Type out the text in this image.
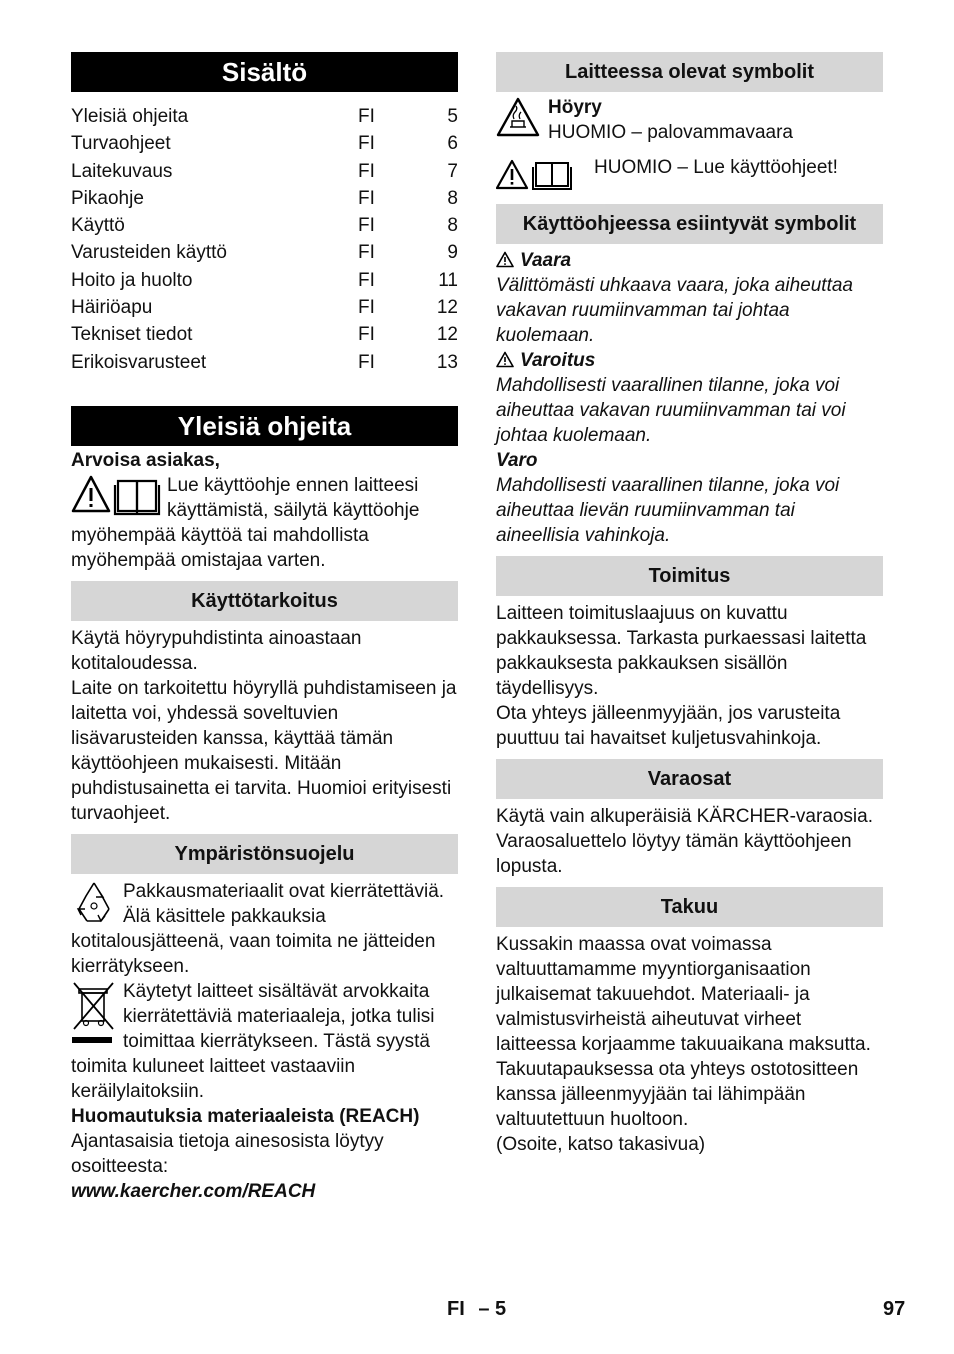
Sisältö
Yleisiä ohjeita	FI	5
Turvaohjeet	FI	6
Laitekuvaus	FI	7
Pikaohje	FI	8
Käyttö	FI	8
Varusteiden käyttö	FI	9
Hoito ja huolto	FI	11
Häiriöapu	FI	12
Tekniset tiedot	FI	12
Erikoisvarusteet	FI	13
Yleisiä ohjeita

Arvoisa asiakas,

Lue käyttöohje ennen laitteesi käyttämistä, säilytä käyttöohje myöhempää käyttöä tai mahdollista myöhempää omistajaa varten.

Käyttötarkoitus

Käytä höyrypuhdistinta ainoastaan kotitaloudessa.

Laite on tarkoitettu höyryllä puhdistamiseen ja laitetta voi, yhdessä soveltuvien lisävarusteiden kanssa, käyttää tämän käyttöohjeen mukaisesti. Mitään puhdistusainetta ei tarvita. Huomioi erityisesti turvaohjeet.

Ympäristönsuojelu

Pakkausmateriaalit ovat kierrätettäviä. Älä käsittele pakkauksia kotitalousjätteenä, vaan toimita ne jätteiden kierrätykseen.

Käytetyt laitteet sisältävät arvokkaita kierrätettäviä materiaaleja, jotka tulisi toimittaa kierrätykseen. Tästä syystä toimita kuluneet laitteet vastaaviin keräilylaitoksiin.

Huomautuksia materiaaleista (REACH)

Ajantasaisia tietoja ainesosista löytyy osoitteesta:

www.kaercher.com/REACH

Laitteessa olevat symbolit

Höyry

HUOMIO – palovammavaara

HUOMIO – Lue käyttöohjeet!

Käyttöohjeessa esiintyvät symbolit

Vaara

Välittömästi uhkaava vaara, joka aiheuttaa vakavan ruumiinvamman tai johtaa kuolemaan.

Varoitus

Mahdollisesti vaarallinen tilanne, joka voi aiheuttaa vakavan ruumiinvamman tai voi johtaa kuolemaan.

Varo

Mahdollisesti vaarallinen tilanne, joka voi aiheuttaa lievän ruumiinvamman tai aineellisia vahinkoja.

Toimitus

Laitteen toimituslaajuus on kuvattu pakkauksessa. Tarkasta purkaessasi laitetta pakkauksesta pakkauksen sisällön täydellisyys.

Ota yhteys jälleenmyyjään, jos varusteita puuttuu tai havaitset kuljetusvahinkoja.

Varaosat

Käytä vain alkuperäisiä KÄRCHER-varaosia. Varaosaluettelo löytyy tämän käyttöohjeen lopusta.

Takuu

Kussakin maassa ovat voimassa valtuuttamamme myyntiorganisaation julkaisemat takuuehdot. Materiaali- ja valmistusvirheistä aiheutuvat virheet laitteessa korjaamme takuuaikana maksutta. Takuutapauksessa ota yhteys ostotositteen kanssa jälleenmyyjään tai lähimpään valtuutettuun huoltoon.

(Osoite, katso takasivua)

FI – 5	97
